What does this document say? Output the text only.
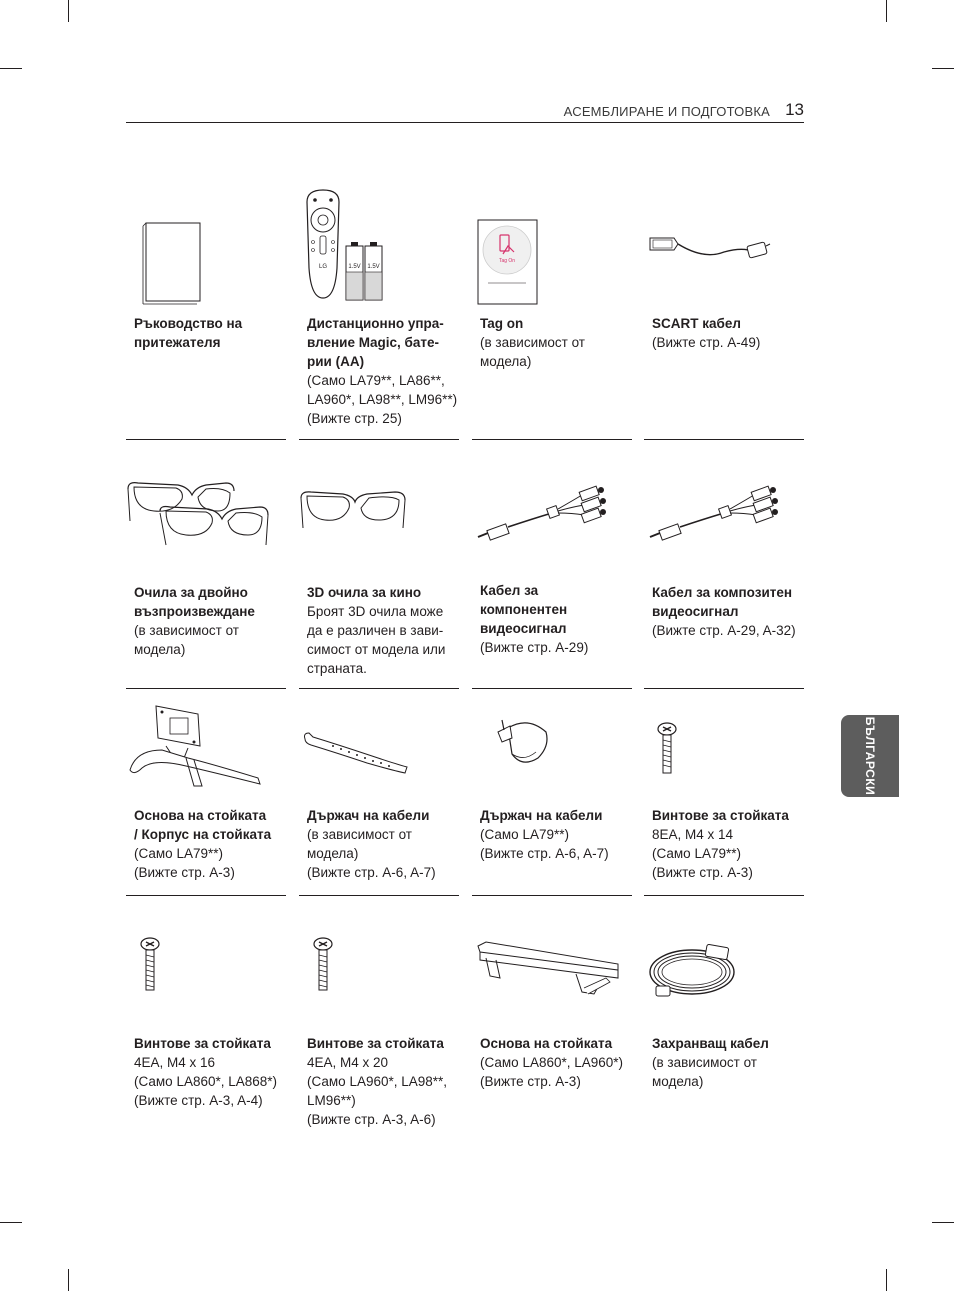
АСЕМБЛИРАНЕ И ПОДГОТОВКА 13
БЪЛГАРСКИ
Ръководство на
притежателя
LG	1.5V 1.5V
Дистанционно упра-
вление Magic, бате-
рии (AA)
(Само LA79**, LA86**,
LA960*, LA98**, LM96**)
(Вижте стр. 25)
Tag On
Tag on
(в зависимост от
модела)
SCART кабел
(Вижте стр. A-49)
Очила за двойно
възпроизвеждане
(в зависимост от
модела)
3D очила за кино
Броят 3D очила може
да е различен в зави-
симост от модела или
страната.
Кабел за
компонентен
видеосигнал
(Вижте стр. A-29)
Кабел за композитен
видеосигнал
(Вижте стр. A-29, A-32)
Основа на стойката
/ Корпус на стойката
(Само LA79**)
(Вижте стр. A-3)
Държач на кабели
(в зависимост от
модела)
(Вижте стр. A-6, A-7)
Държач на кабели
(Само LA79**)
(Вижте стр. A-6, A-7)
Винтове за стойката
8EA, M4 x 14
(Само LA79**)
(Вижте стр. A-3)
Винтове за стойката
4EA, M4 x 16
(Само LA860*, LA868*)
(Вижте стр. A-3, A-4)
Винтове за стойката
4EA, M4 x 20
(Само LA960*, LA98**,
LM96**)
(Вижте стр. A-3, A-6)
Основа на стойката
(Само LA860*, LA960*)
(Вижте стр. A-3)
Захранващ кабел
(в зависимост от
модела)
